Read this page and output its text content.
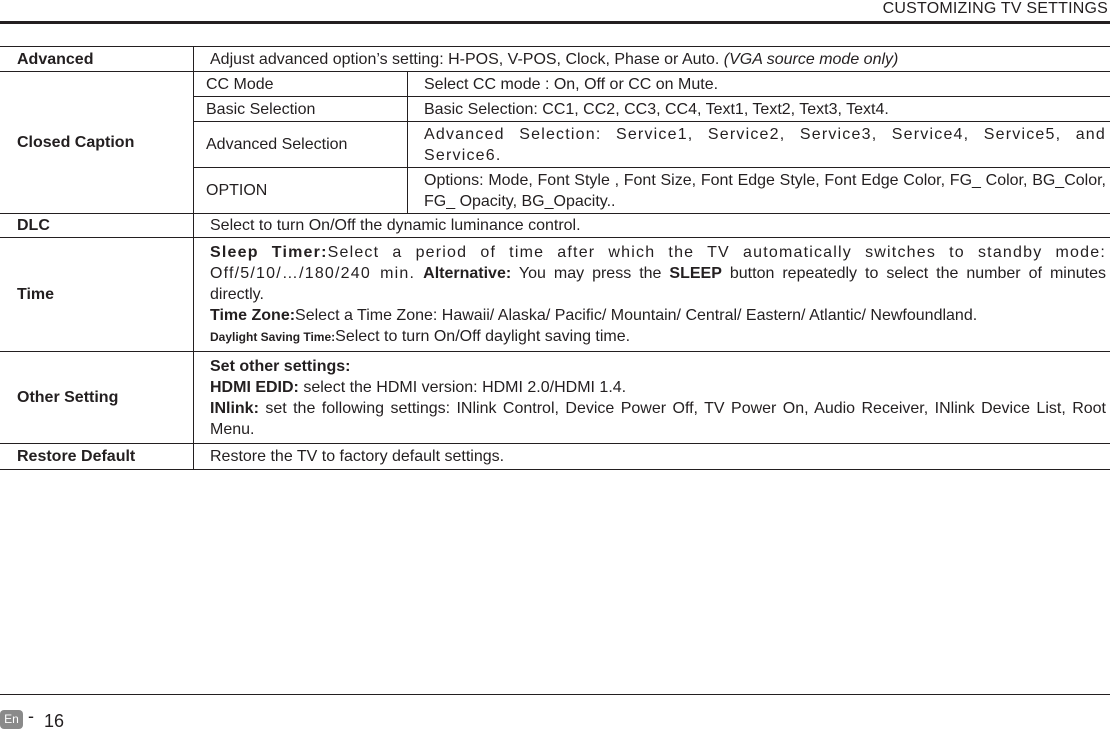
CUSTOMIZING TV SETTINGS
Advanced	Adjust advanced option’s setting: H-POS, V-POS, Clock, Phase or Auto. (VGA source mode only)	
Closed Caption	CC Mode	Select CC mode : On, Off or CC on Mute.
	Basic Selection	Basic Selection: CC1, CC2, CC3, CC4, Text1, Text2, Text3, Text4.
	Advanced Selection	Advanced Selection: Service1, Service2, Service3, Service4, Service5, and Service6.
	OPTION	Options: Mode, Font Style , Font Size, Font Edge Style, Font Edge Color, FG_ Color, BG_Color, FG_ Opacity, BG_Opacity..
DLC	Select to turn On/Off the dynamic luminance control.	
Time	Sleep Timer:Select a period of time after which the TV automatically switches to standby mode: Off/5/10/…/180/240 min. Alternative: You may press the SLEEP button repeatedly to select the number of minutes directly.

Time Zone:Select a Time Zone: Hawaii/ Alaska/ Pacific/ Mountain/ Central/ Eastern/ Atlantic/ Newfoundland.

Daylight Saving Time:Select to turn On/Off daylight saving time.	

Other Setting	Set other settings:

HDMI EDID: select the HDMI version: HDMI 2.0/HDMI 1.4.

INlink: set the following settings: INlink Control, Device Power Off, TV Power On, Audio Receiver, INlink Device List, Root Menu.	

Restore Default	Restore the TV to factory default settings.	
En - 16
